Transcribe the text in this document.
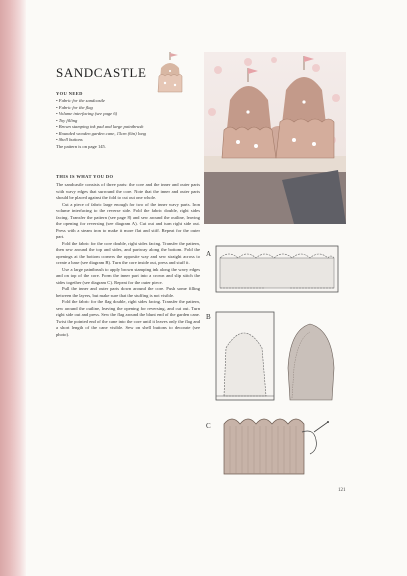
SANDCASTLE
YOU NEED
• Fabric for the sandcastle
• Fabric for the flag
• Volume interfacing (see page 6)
• Toy filling
• Brown stamping ink pad and large paintbrush
• Rounded wooden garden cane, 15cm (6in) long
• Shell buttons
The pattern is on page 145.
THIS IS WHAT YOU DO

The sandcastle consists of three parts: the core and the inner and outer parts with wavy edges that surround the core. Note that the inner and outer parts should be placed against the fold to cut out one whole.

Cut a piece of fabric large enough for two of the inner wavy parts. Iron volume interfacing to the reverse side. Fold the fabric double, right sides facing. Transfer the pattern (see page 8) and sew around the outline, leaving the opening for reversing (see diagram A). Cut out and turn right side out. Press with a steam iron to make it more flat and stiff. Repeat for the outer part.

Fold the fabric for the core double, right sides facing. Transfer the pattern, then sew around the top and sides, and partway along the bottom. Fold the openings at the bottom corners the opposite way and sew straight across to create a base (see diagram B). Turn the core inside out, press and stuff it.

Use a large paintbrush to apply brown stamping ink along the wavy edges and on top of the core. Form the inner part into a crown and slip stitch the sides together (see diagram C). Repeat for the outer piece.

Pull the inner and outer parts down around the core. Push some filling between the layers, but make sure that the stuffing is not visible.

Fold the fabric for the flag double, right sides facing. Transfer the pattern, sew around the outline, leaving the opening for reversing, and cut out. Turn right side out and press. Sew the flag around the blunt end of the garden cane. Twist the pointed end of the cane into the core until it leaves only the flag and a short length of the cane visible. Sew on shell buttons to decorate (see photo).

A
B
C
121
